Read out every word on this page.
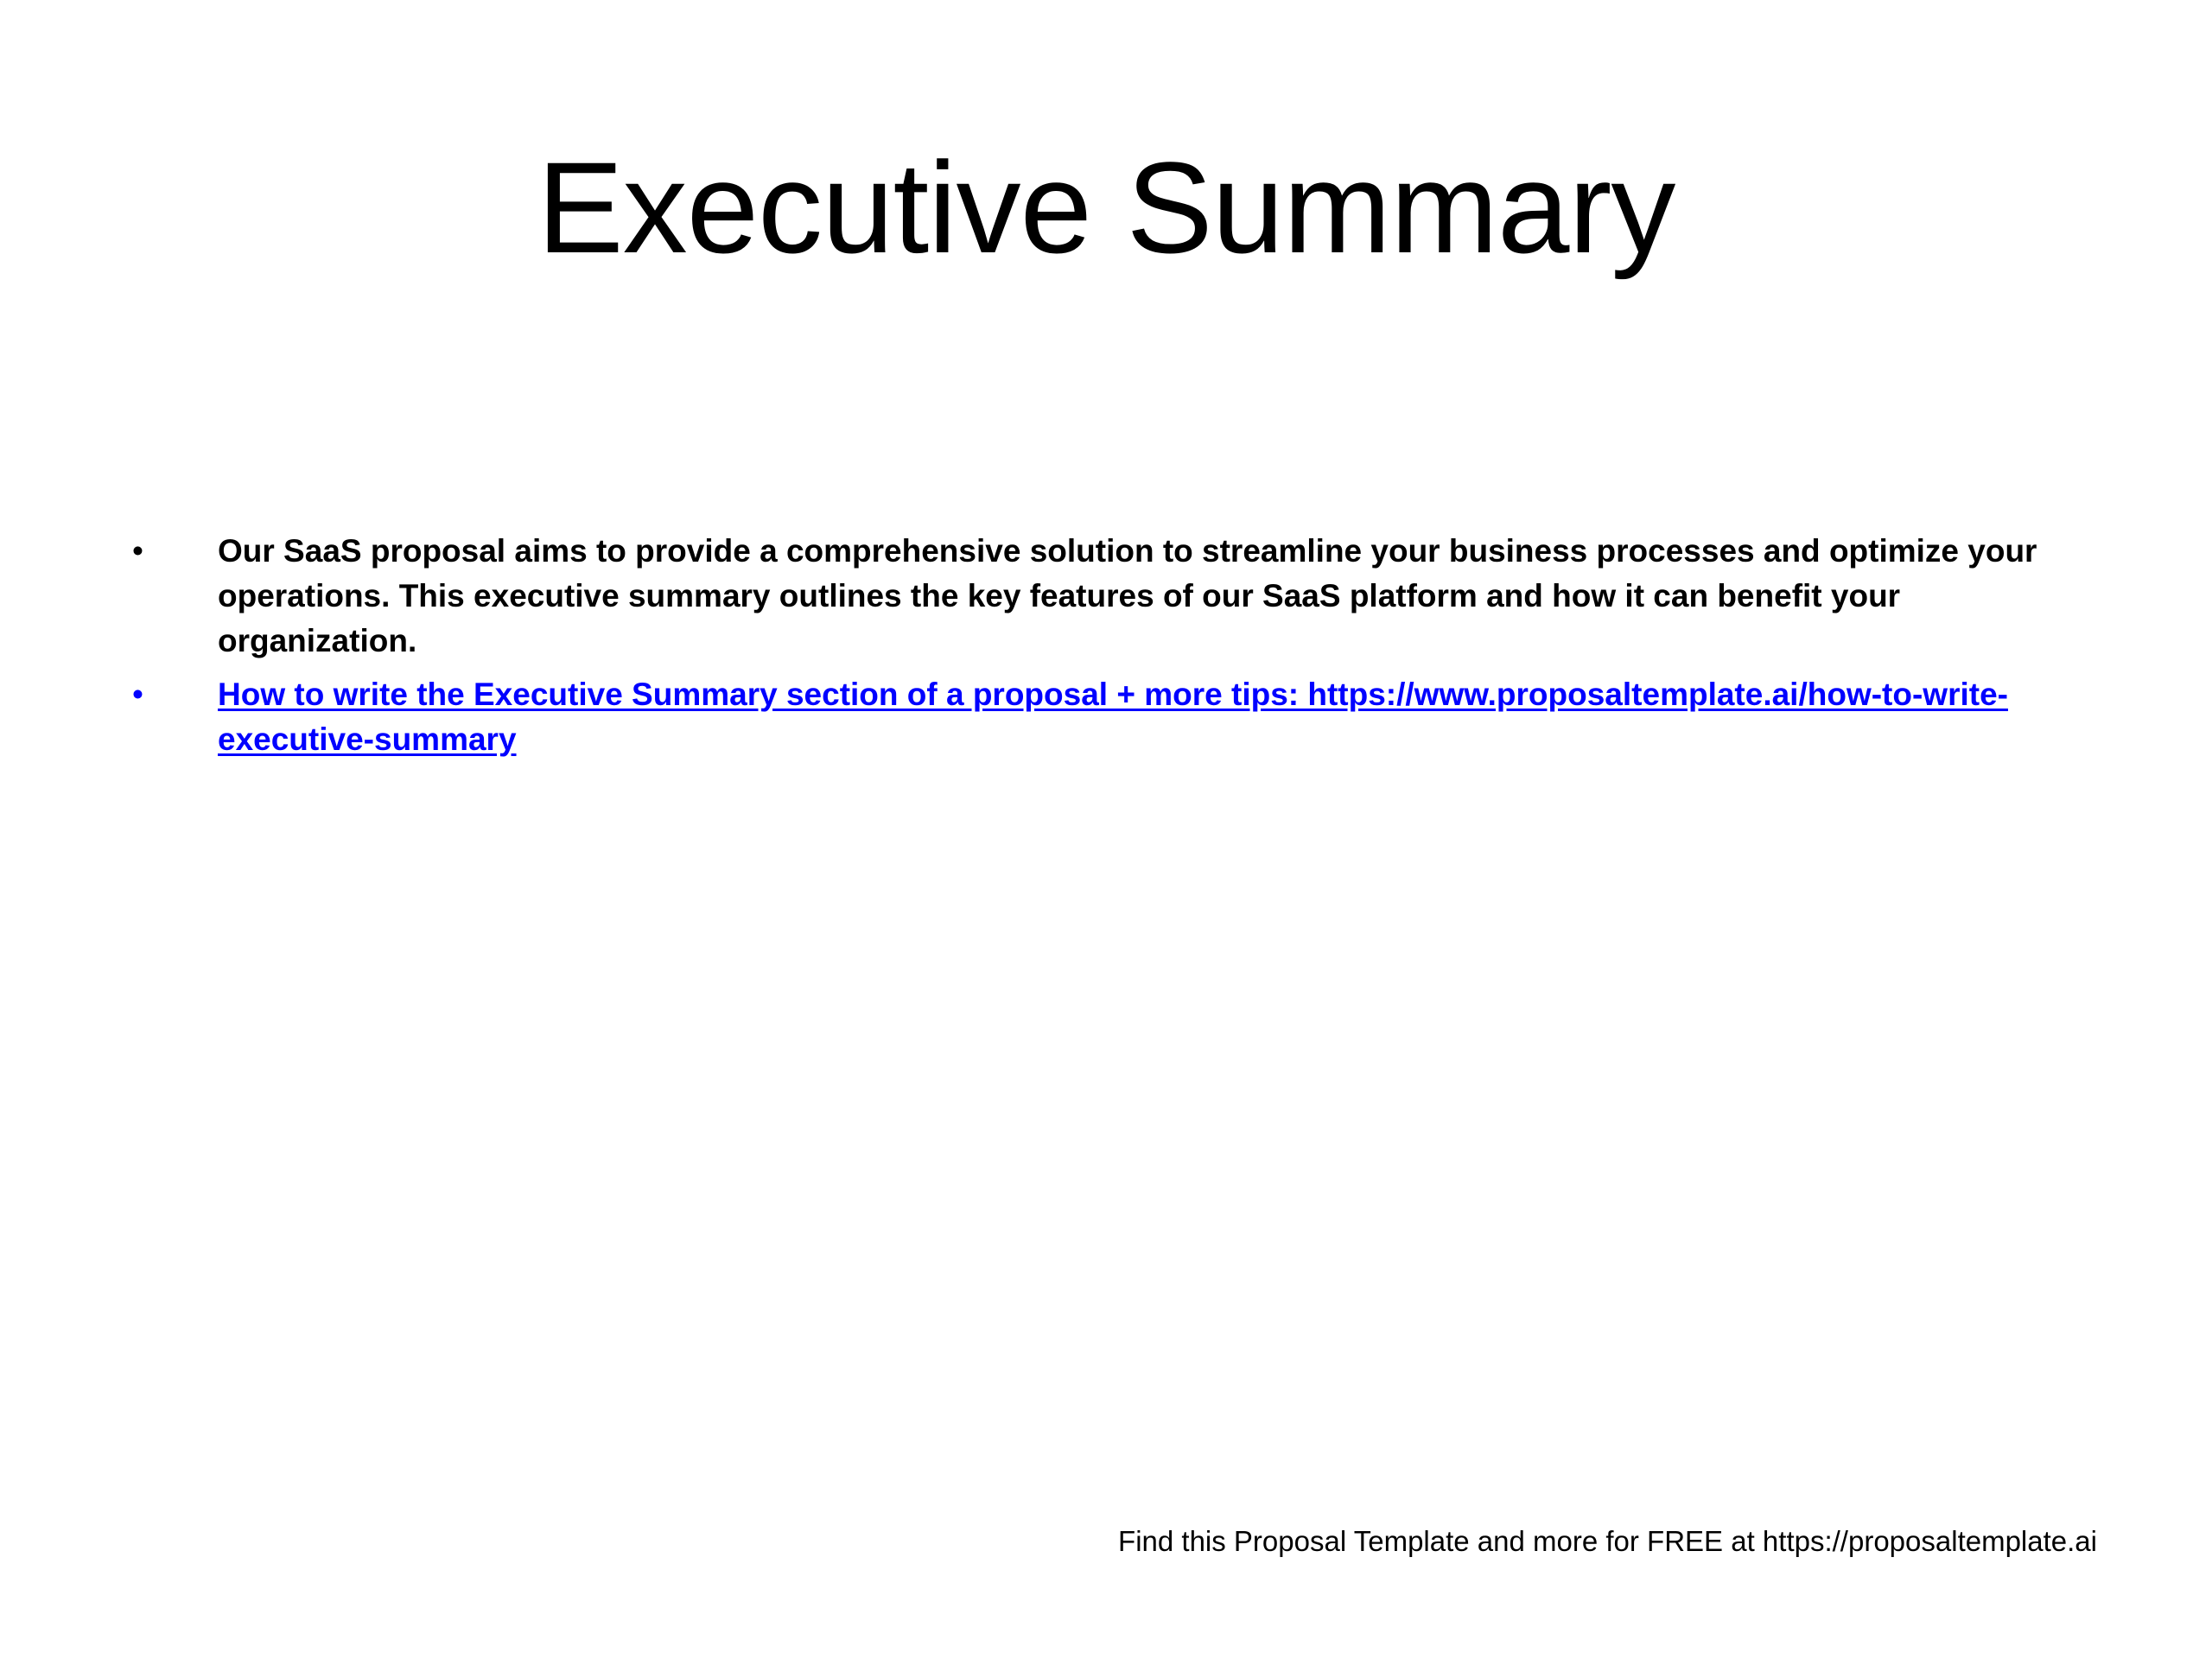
Executive Summary
• Our SaaS proposal aims to provide a comprehensive solution to streamline your business processes and optimize your operations. This executive summary outlines the key features of our SaaS platform and how it can benefit your organization.
• How to write the Executive Summary section of a proposal + more tips: https://www.proposaltemplate.ai/how-to-write-executive-summary
Find this Proposal Template and more for FREE at https://proposaltemplate.ai
